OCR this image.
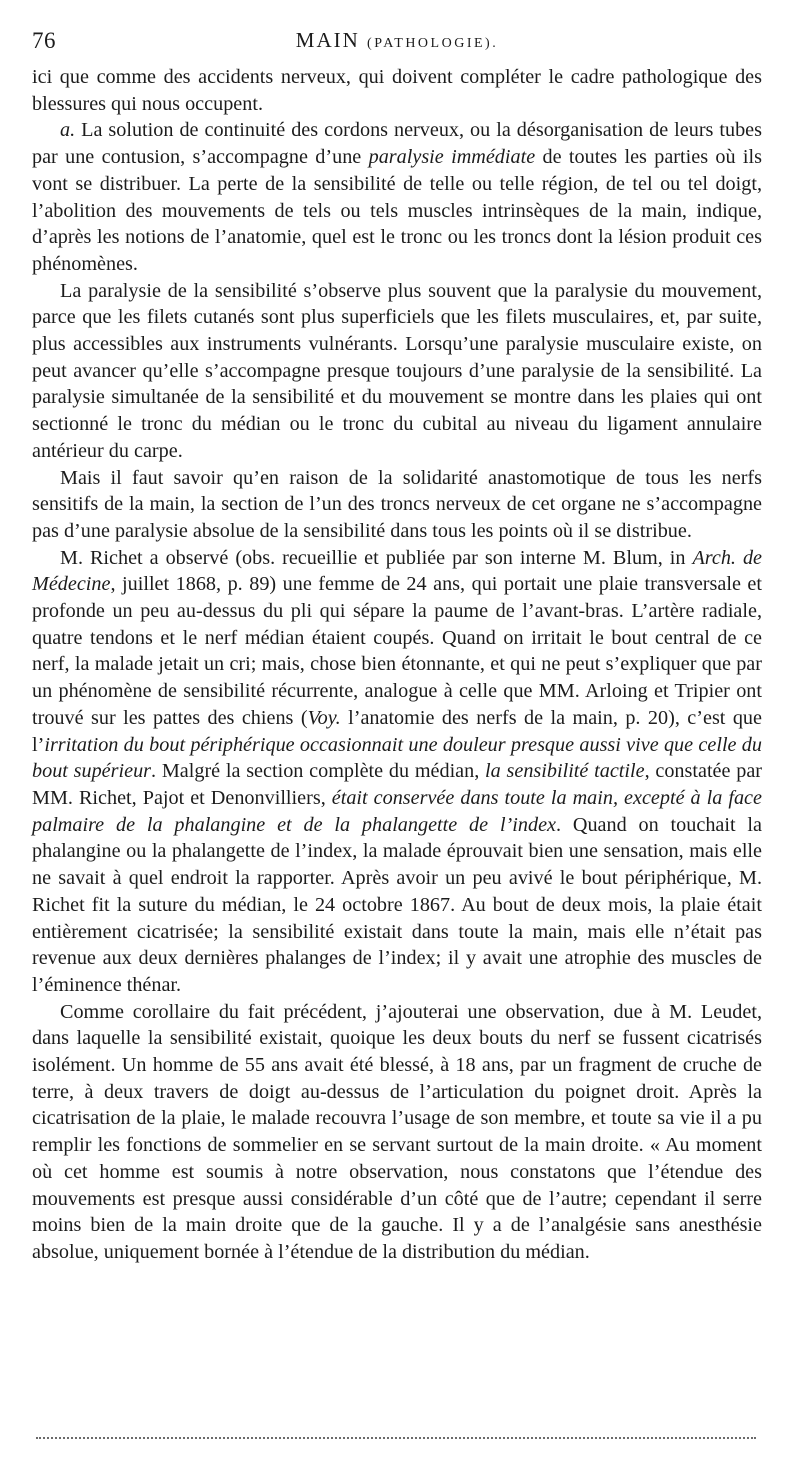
76	MAIN (PATHOLOGIE).

ici que comme des accidents nerveux, qui doivent compléter le cadre pathologique des blessures qui nous occupent.

a. La solution de continuité des cordons nerveux, ou la désorganisation de leurs tubes par une contusion, s’accompagne d’une paralysie immédiate de toutes les parties où ils vont se distribuer. La perte de la sensibilité de telle ou telle région, de tel ou tel doigt, l’abolition des mouvements de tels ou tels muscles intrinsèques de la main, indique, d’après les notions de l’anatomie, quel est le tronc ou les troncs dont la lésion produit ces phénomènes.

La paralysie de la sensibilité s’observe plus souvent que la paralysie du mouvement, parce que les filets cutanés sont plus superficiels que les filets musculaires, et, par suite, plus accessibles aux instruments vulnérants. Lorsqu’une paralysie musculaire existe, on peut avancer qu’elle s’accompagne presque toujours d’une paralysie de la sensibilité. La paralysie simultanée de la sensibilité et du mouvement se montre dans les plaies qui ont sectionné le tronc du médian ou le tronc du cubital au niveau du ligament annulaire antérieur du carpe.

Mais il faut savoir qu’en raison de la solidarité anastomotique de tous les nerfs sensitifs de la main, la section de l’un des troncs nerveux de cet organe ne s’accompagne pas d’une paralysie absolue de la sensibilité dans tous les points où il se distribue.

M. Richet a observé (obs. recueillie et publiée par son interne M. Blum, in Arch. de Médecine, juillet 1868, p. 89) une femme de 24 ans, qui portait une plaie transversale et profonde un peu au-dessus du pli qui sépare la paume de l’avant-bras. L’artère radiale, quatre tendons et le nerf médian étaient coupés. Quand on irritait le bout central de ce nerf, la malade jetait un cri; mais, chose bien étonnante, et qui ne peut s’expliquer que par un phénomène de sensibilité récurrente, analogue à celle que MM. Arloing et Tripier ont trouvé sur les pattes des chiens (Voy. l’anatomie des nerfs de la main, p. 20), c’est que l’irritation du bout périphérique occasionnait une douleur presque aussi vive que celle du bout supérieur. Malgré la section complète du médian, la sensibilité tactile, constatée par MM. Richet, Pajot et Denonvilliers, était conservée dans toute la main, excepté à la face palmaire de la phalangine et de la phalangette de l’index. Quand on touchait la phalangine ou la phalangette de l’index, la malade éprouvait bien une sensation, mais elle ne savait à quel endroit la rapporter. Après avoir un peu avivé le bout périphérique, M. Richet fit la suture du médian, le 24 octobre 1867. Au bout de deux mois, la plaie était entièrement cicatrisée; la sensibilité existait dans toute la main, mais elle n’était pas revenue aux deux dernières phalanges de l’index; il y avait une atrophie des muscles de l’éminence thénar.

Comme corollaire du fait précédent, j’ajouterai une observation, due à M. Leudet, dans laquelle la sensibilité existait, quoique les deux bouts du nerf se fussent cicatrisés isolément. Un homme de 55 ans avait été blessé, à 18 ans, par un fragment de cruche de terre, à deux travers de doigt au-dessus de l’articulation du poignet droit. Après la cicatrisation de la plaie, le malade recouvra l’usage de son membre, et toute sa vie il a pu remplir les fonctions de sommelier en se servant surtout de la main droite. « Au moment où cet homme est soumis à notre observation, nous constatons que l’étendue des mouvements est presque aussi considérable d’un côté que de l’autre; cependant il serre moins bien de la main droite que de la gauche. Il y a de l’analgésie sans anesthésie absolue, uniquement bornée à l’étendue de la distribution du médian.
